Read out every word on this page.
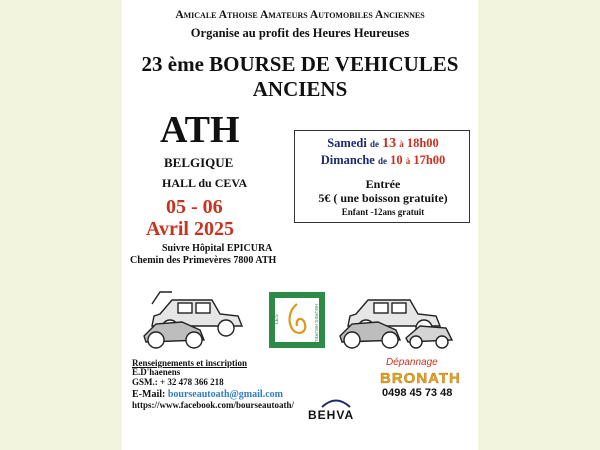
Amicale Athoise Amateurs Automobiles Anciennes
Organise au profit des Heures Heureuses
23 ème BOURSE DE VEHICULES
ANCIENS
ATH
BELGIQUE
HALL du CEVA
05 - 06
Avril 2025
Suivre Hôpital EPICURA
Chemin des Primevères 7800 ATH
Samedi de 13 à 18h00
Dimanche de 10 à 17h00
Entrée
5€ ( une boisson gratuite)
Enfant -12ans gratuit
LES	HEURES HEUREUSES
Renseignements et inscription
E.D'haenens
GSM.: + 32 478 366 218
E-Mail: bourseautoath@gmail.com
https://www.facebook.com/bourseautoath/
Dépannage
BRONATH
0498 45 73 48
BEHVA
